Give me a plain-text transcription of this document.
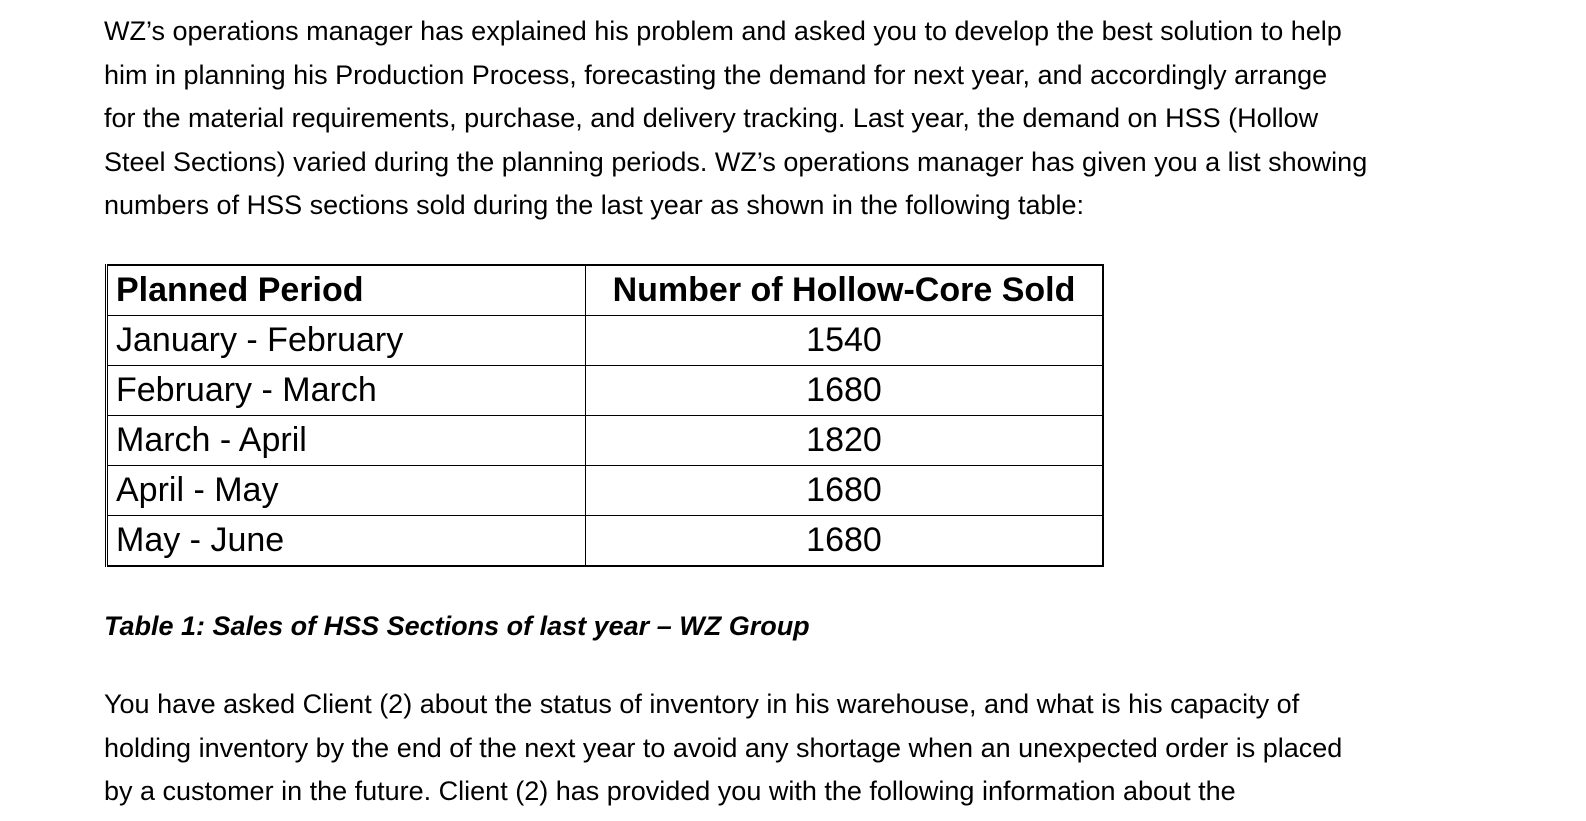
WZ’s operations manager has explained his problem and asked you to develop the best solution to help
him in planning his Production Process, forecasting the demand for next year, and accordingly arrange
for the material requirements, purchase, and delivery tracking. Last year, the demand on HSS (Hollow
Steel Sections) varied during the planning periods. WZ’s operations manager has given you a list showing
numbers of HSS sections sold during the last year as shown in the following table:

Planned Period	Number of Hollow-Core Sold
January - February	1540
February - March	1680
March - April	1820
April - May	1680
May - June	1680

Table 1: Sales of HSS Sections of last year – WZ Group

You have asked Client (2) about the status of inventory in his warehouse, and what is his capacity of
holding inventory by the end of the next year to avoid any shortage when an unexpected order is placed
by a customer in the future. Client (2) has provided you with the following information about the
